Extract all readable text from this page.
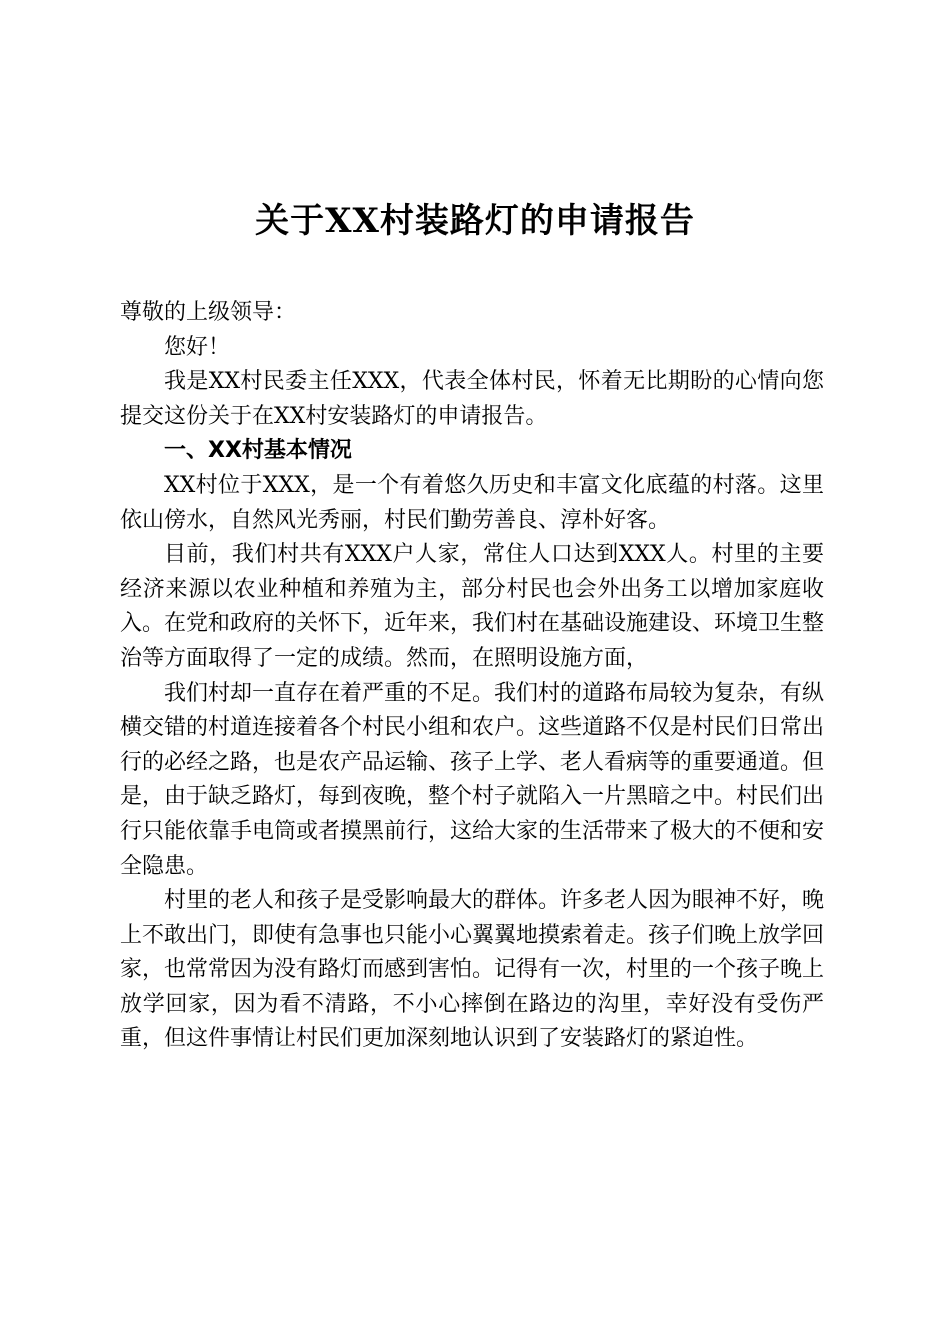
关于XX村装路灯的申请报告

尊敬的上级领导：

您好！

我是XX村民委主任XXX，代表全体村民，怀着无比期盼的心情向您提交这份关于在XX村安装路灯的申请报告。

一、XX村基本情况

XX村位于XXX，是一个有着悠久历史和丰富文化底蕴的村落。这里依山傍水，自然风光秀丽，村民们勤劳善良、淳朴好客。

目前，我们村共有XXX户人家，常住人口达到XXX人。村里的主要经济来源以农业种植和养殖为主，部分村民也会外出务工以增加家庭收入。在党和政府的关怀下，近年来，我们村在基础设施建设、环境卫生整治等方面取得了一定的成绩。然而，在照明设施方面，

我们村却一直存在着严重的不足。我们村的道路布局较为复杂，有纵横交错的村道连接着各个村民小组和农户。这些道路不仅是村民们日常出行的必经之路，也是农产品运输、孩子上学、老人看病等的重要通道。但是，由于缺乏路灯，每到夜晚，整个村子就陷入一片黑暗之中。村民们出行只能依靠手电筒或者摸黑前行，这给大家的生活带来了极大的不便和安全隐患。

村里的老人和孩子是受影响最大的群体。许多老人因为眼神不好，晚上不敢出门，即使有急事也只能小心翼翼地摸索着走。孩子们晚上放学回家，也常常因为没有路灯而感到害怕。记得有一次，村里的一个孩子晚上放学回家，因为看不清路，不小心摔倒在路边的沟里，幸好没有受伤严重，但这件事情让村民们更加深刻地认识到了安装路灯的紧迫性。
